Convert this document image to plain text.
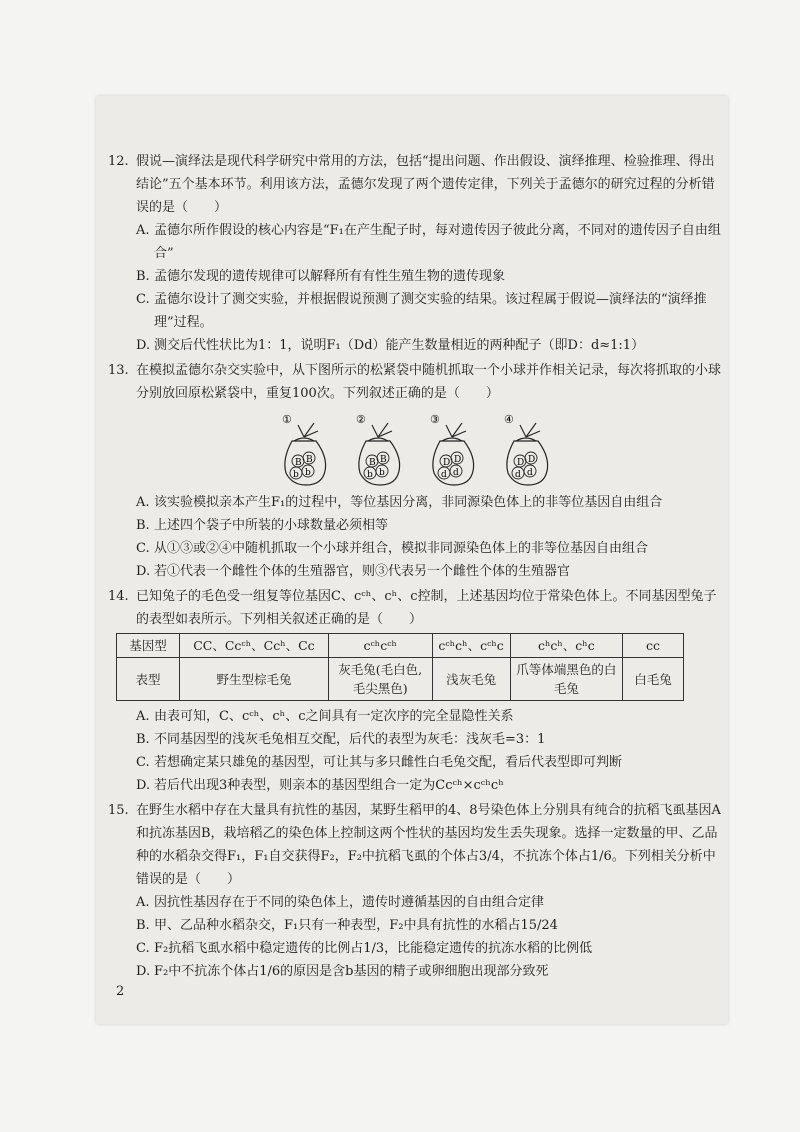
12. 假说—演绎法是现代科学研究中常用的方法，包括“提出问题、作出假设、演绎推理、检验推理、得出结论”五个基本环节。利用该方法，孟德尔发现了两个遗传定律，下列关于孟德尔的研究过程的分析错误的是（　　）
A. 孟德尔所作假设的核心内容是“F₁在产生配子时，每对遗传因子彼此分离，不同对的遗传因子自由组合”
B. 孟德尔发现的遗传规律可以解释所有有性生殖生物的遗传现象
C. 孟德尔设计了测交实验，并根据假说预测了测交实验的结果。该过程属于假说—演绎法的“演绎推理”过程。
D. 测交后代性状比为1：1，说明F₁（Dd）能产生数量相近的两种配子（即D：d≈1:1）
13. 在模拟孟德尔杂交实验中，从下图所示的松紧袋中随机抓取一个小球并作相关记录，每次将抓取的小球分别放回原松紧袋中，重复100次。下列叙述正确的是（　　）
①
B B
b b
②
B B
b b
③
D D
d d
④
D D
d d
A. 该实验模拟亲本产生F₁的过程中，等位基因分离，非同源染色体上的非等位基因自由组合
B. 上述四个袋子中所装的小球数量必须相等
C. 从①③或②④中随机抓取一个小球并组合，模拟非同源染色体上的非等位基因自由组合
D. 若①代表一个雌性个体的生殖器官，则③代表另一个雌性个体的生殖器官
14. 已知兔子的毛色受一组复等位基因C、cᶜʰ、cʰ、c控制，上述基因均位于常染色体上。不同基因型兔子的表型如表所示。下列相关叙述正确的是（　　）
基因型	CC、Ccᶜʰ、Ccʰ、Cc	cᶜʰcᶜʰ	cᶜʰcʰ、cᶜʰc	cʰcʰ、cʰc	cc
表型	野生型棕毛兔	灰毛兔(毛白色,毛尖黑色)	浅灰毛兔	爪等体端黑色的白毛兔	白毛兔
A. 由表可知，C、cᶜʰ、cʰ、c之间具有一定次序的完全显隐性关系
B. 不同基因型的浅灰毛兔相互交配，后代的表型为灰毛：浅灰毛=3：1
C. 若想确定某只雄兔的基因型，可让其与多只雌性白毛兔交配，看后代表型即可判断
D. 若后代出现3种表型，则亲本的基因型组合一定为Ccᶜʰ×cᶜʰcʰ
15. 在野生水稻中存在大量具有抗性的基因，某野生稻甲的4、8号染色体上分别具有纯合的抗稻飞虱基因A和抗冻基因B，栽培稻乙的染色体上控制这两个性状的基因均发生丢失现象。选择一定数量的甲、乙品种的水稻杂交得F₁，F₁自交获得F₂，F₂中抗稻飞虱的个体占3/4，不抗冻个体占1/6。下列相关分析中错误的是（　　）
A. 因抗性基因存在于不同的染色体上，遗传时遵循基因的自由组合定律
B. 甲、乙品种水稻杂交，F₁只有一种表型，F₂中具有抗性的水稻占15/24
C. F₂抗稻飞虱水稻中稳定遗传的比例占1/3，比能稳定遗传的抗冻水稻的比例低
D. F₂中不抗冻个体占1/6的原因是含b基因的精子或卵细胞出现部分致死
2
